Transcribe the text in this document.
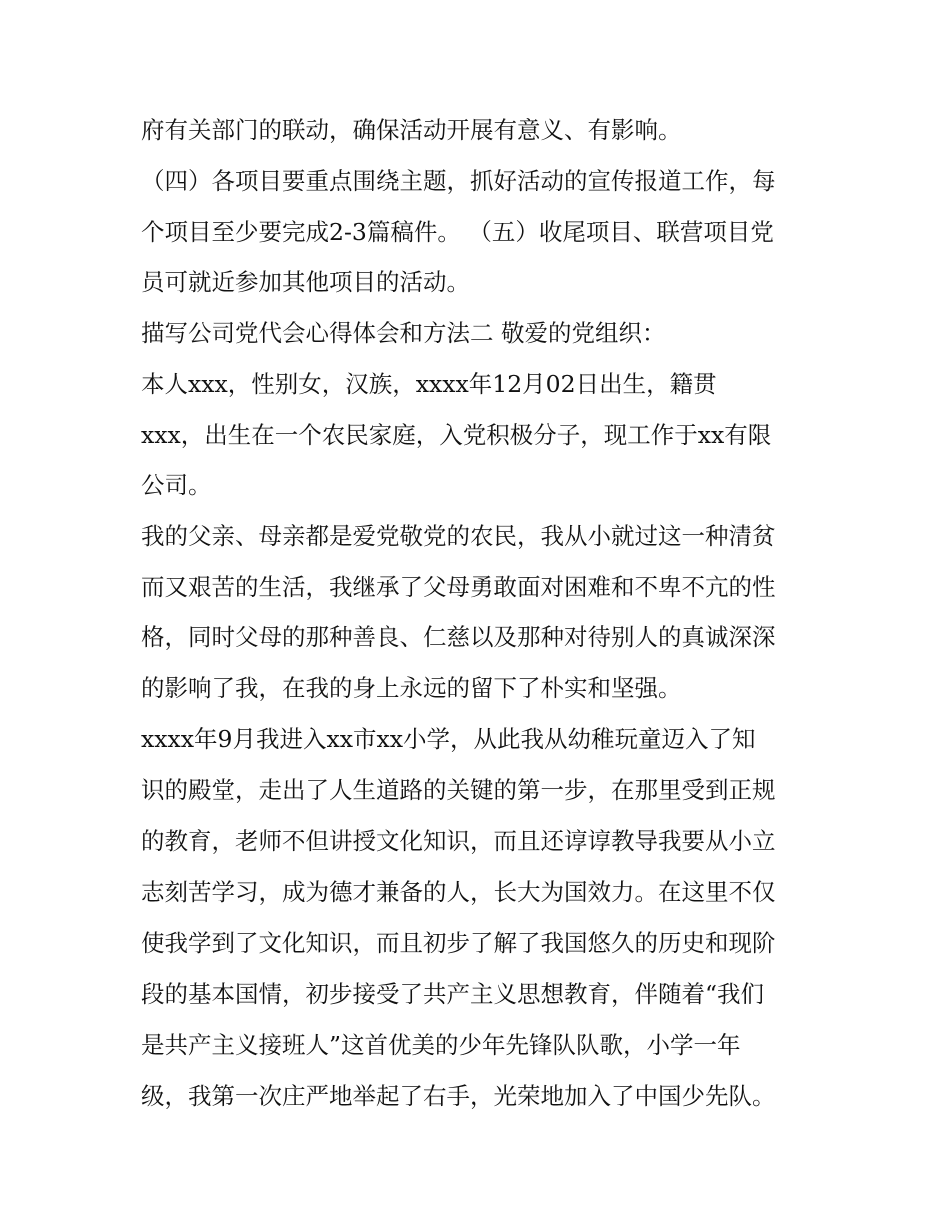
府有关部门的联动，确保活动开展有意义、有影响。

（四）各项目要重点围绕主题，抓好活动的宣传报道工作，每

个项目至少要完成2-3篇稿件。 （五）收尾项目、联营项目党

员可就近参加其他项目的活动。

描写公司党代会心得体会和方法二 敬爱的党组织：

本人xxx，性别女，汉族，xxxx年12月02日出生，籍贯

xxx，出生在一个农民家庭，入党积极分子，现工作于xx有限

公司。

我的父亲、母亲都是爱党敬党的农民，我从小就过这一种清贫

而又艰苦的生活，我继承了父母勇敢面对困难和不卑不亢的性

格，同时父母的那种善良、仁慈以及那种对待别人的真诚深深

的影响了我，在我的身上永远的留下了朴实和坚强。

xxxx年9月我进入xx市xx小学，从此我从幼稚玩童迈入了知

识的殿堂，走出了人生道路的关键的第一步，在那里受到正规

的教育，老师不但讲授文化知识，而且还谆谆教导我要从小立

志刻苦学习，成为德才兼备的人，长大为国效力。在这里不仅

使我学到了文化知识，而且初步了解了我国悠久的历史和现阶

段的基本国情，初步接受了共产主义思想教育，伴随着“我们

是共产主义接班人”这首优美的少年先锋队队歌，小学一年

级，我第一次庄严地举起了右手，光荣地加入了中国少先队。
